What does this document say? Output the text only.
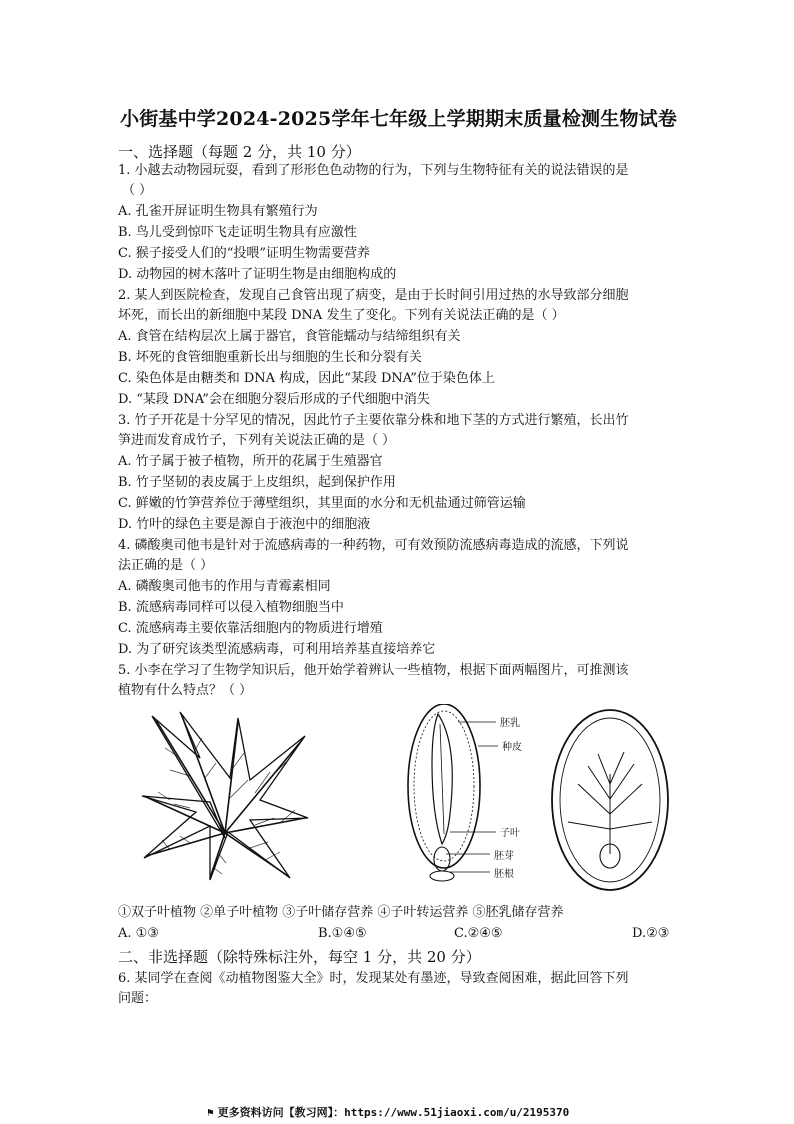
小街基中学2024-2025学年七年级上学期期末质量检测生物试卷
一、选择题（每题 2 分，共 10 分）
1. 小越去动物园玩耍，看到了形形色色动物的行为，下列与生物特征有关的说法错误的是
（ ）
A. 孔雀开屏证明生物具有繁殖行为
B. 鸟儿受到惊吓飞走证明生物具有应激性
C. 猴子接受人们的“投喂”证明生物需要营养
D. 动物园的树木落叶了证明生物是由细胞构成的
2. 某人到医院检查，发现自己食管出现了病变，是由于长时间引用过热的水导致部分细胞
坏死，而长出的新细胞中某段 DNA 发生了变化。下列有关说法正确的是（ ）
A. 食管在结构层次上属于器官，食管能蠕动与结缔组织有关
B. 坏死的食管细胞重新长出与细胞的生长和分裂有关
C. 染色体是由糖类和 DNA 构成，因此“某段 DNA”位于染色体上
D. “某段 DNA”会在细胞分裂后形成的子代细胞中消失
3. 竹子开花是十分罕见的情况，因此竹子主要依靠分株和地下茎的方式进行繁殖，长出竹
笋进而发育成竹子，下列有关说法正确的是（ ）
A. 竹子属于被子植物，所开的花属于生殖器官
B. 竹子坚韧的表皮属于上皮组织，起到保护作用
C. 鲜嫩的竹笋营养位于薄壁组织，其里面的水分和无机盐通过筛管运输
D. 竹叶的绿色主要是源自于液泡中的细胞液
4. 磷酸奥司他韦是针对于流感病毒的一种药物，可有效预防流感病毒造成的流感，下列说
法正确的是（ ）
A. 磷酸奥司他韦的作用与青霉素相同
B. 流感病毒同样可以侵入植物细胞当中
C. 流感病毒主要依靠活细胞内的物质进行增殖
D. 为了研究该类型流感病毒，可利用培养基直接培养它
5. 小李在学习了生物学知识后，他开始学着辨认一些植物，根据下面两幅图片，可推测该
植物有什么特点？（ ）
胚乳
种皮
子叶
胚芽
胚根
①双子叶植物 ②单子叶植物 ③子叶储存营养 ④子叶转运营养 ⑤胚乳储存营养
A. ①③	B.①④⑤	C.②④⑤	D.②③
二、非选择题（除特殊标注外，每空 1 分，共 20 分）
6. 某同学在查阅《动植物图鉴大全》时，发现某处有墨迹，导致查阅困难，据此回答下列
问题：
⚑ 更多资料访问【教习网】：https://www.51jiaoxi.com/u/2195370
